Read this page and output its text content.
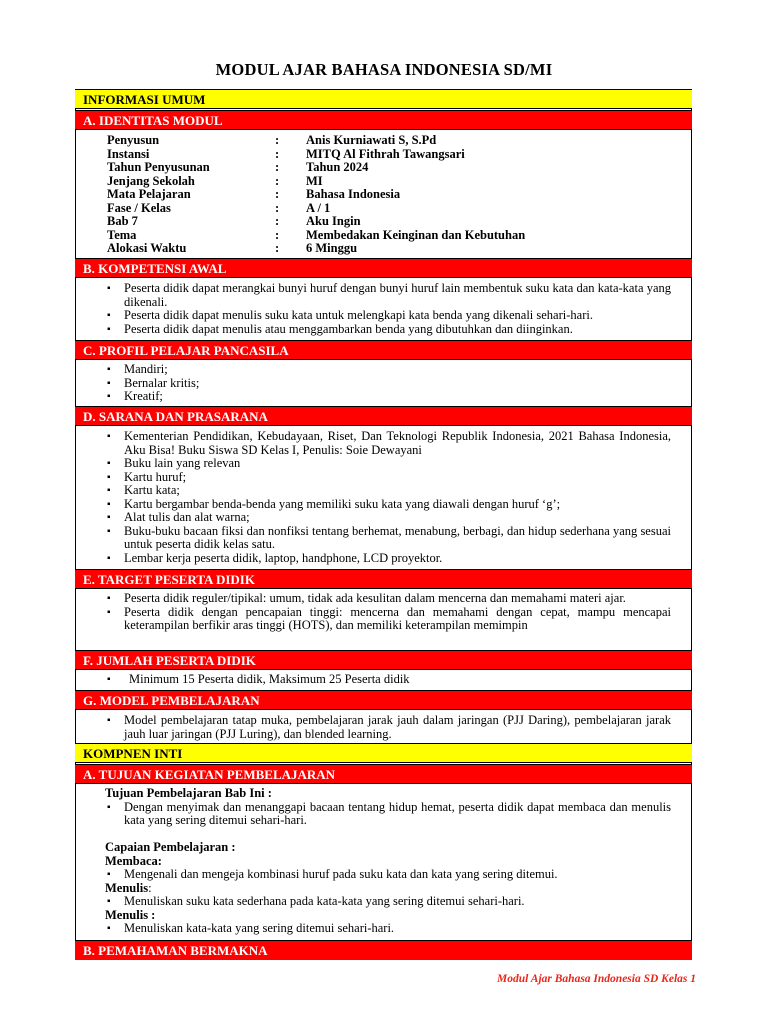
MODUL AJAR BAHASA INDONESIA SD/MI
INFORMASI UMUM
A. IDENTITAS MODUL
Penyusun	:	Anis Kurniawati S, S.Pd
Instansi	:	MITQ Al Fithrah Tawangsari
Tahun Penyusunan	:	Tahun 2024
Jenjang Sekolah	:	MI
Mata Pelajaran	:	Bahasa Indonesia
Fase / Kelas	:	A / 1
Bab 7	:	Aku Ingin
Tema	:	Membedakan Keinginan dan Kebutuhan
Alokasi Waktu	:	6 Minggu
B. KOMPETENSI AWAL
▪ Peserta didik dapat merangkai bunyi huruf dengan bunyi huruf lain membentuk suku kata dan kata-kata yang dikenali.
▪ Peserta didik dapat menulis suku kata untuk melengkapi kata benda yang dikenali sehari-hari.
▪ Peserta didik dapat menulis atau menggambarkan benda yang dibutuhkan dan diinginkan.
C. PROFIL PELAJAR PANCASILA
▪ Mandiri;
▪ Bernalar kritis;
▪ Kreatif;
D. SARANA DAN PRASARANA
▪ Kementerian Pendidikan, Kebudayaan, Riset, Dan Teknologi Republik Indonesia, 2021 Bahasa Indonesia, Aku Bisa! Buku Siswa SD Kelas I, Penulis: Soie Dewayani
▪ Buku lain yang relevan
▪ Kartu huruf;
▪ Kartu kata;
▪ Kartu bergambar benda-benda yang memiliki suku kata yang diawali dengan huruf ‘g’;
▪ Alat tulis dan alat warna;
▪ Buku-buku bacaan fiksi dan nonfiksi tentang berhemat, menabung, berbagi, dan hidup sederhana yang sesuai untuk peserta didik kelas satu.
▪ Lembar kerja peserta didik, laptop, handphone, LCD proyektor.
E. TARGET PESERTA DIDIK
▪ Peserta didik reguler/tipikal: umum, tidak ada kesulitan dalam mencerna dan memahami materi ajar.
▪ Peserta didik dengan pencapaian tinggi: mencerna dan memahami dengan cepat, mampu mencapai keterampilan berfikir aras tinggi (HOTS), dan memiliki keterampilan memimpin
F. JUMLAH PESERTA DIDIK
▪ Minimum 15 Peserta didik, Maksimum 25 Peserta didik
G. MODEL PEMBELAJARAN
▪ Model pembelajaran tatap muka, pembelajaran jarak jauh dalam jaringan (PJJ Daring), pembelajaran jarak jauh luar jaringan (PJJ Luring), dan blended learning.
KOMPNEN INTI
A. TUJUAN KEGIATAN PEMBELAJARAN
Tujuan Pembelajaran Bab Ini :
▪ Dengan menyimak dan menanggapi bacaan tentang hidup hemat, peserta didik dapat membaca dan menulis kata yang sering ditemui sehari-hari.
Capaian Pembelajaran :
Membaca:
▪ Mengenali dan mengeja kombinasi huruf pada suku kata dan kata yang sering ditemui.
Menulis:
▪ Menuliskan suku kata sederhana pada kata-kata yang sering ditemui sehari-hari.
Menulis :
▪ Menuliskan kata-kata yang sering ditemui sehari-hari.
B. PEMAHAMAN BERMAKNA
Modul Ajar Bahasa Indonesia SD Kelas 1
